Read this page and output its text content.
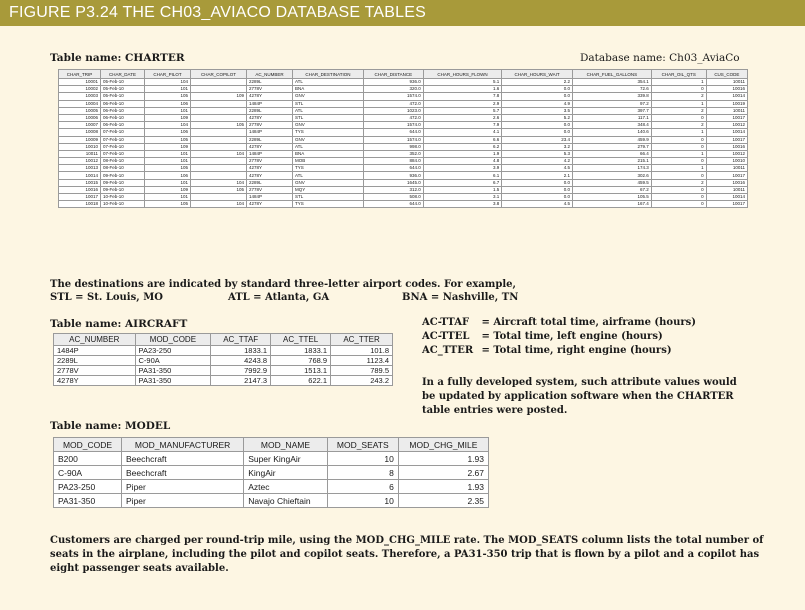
FIGURE P3.24 THE CH03_AVIACO DATABASE TABLES
Table name: CHARTER	Database name: Ch03_AviaCo
CHAR_TRIP	CHAR_DATE	CHAR_PILOT	CHAR_COPILOT	AC_NUMBER	CHAR_DESTINATION	CHAR_DISTANCE	CHAR_HOURS_FLOWN	CHAR_HOURS_WAIT	CHAR_FUEL_GALLONS	CHAR_OIL_QTS	CUS_CODE
10001	05-Feb-10	104		2289L	ATL	936.0	5.1	2.2	354.1	1	10011
10002	05-Feb-10	101		2778V	BNA	320.0	1.6	0.0	72.6	0	10016
10003	05-Feb-10	105	109	4278Y	GNV	1574.0	7.8	0.0	339.8	2	10014
10004	06-Feb-10	106		1484P	STL	472.0	2.9	4.9	97.2	1	10019
10005	06-Feb-10	101		2289L	ATL	1023.0	5.7	3.5	397.7	2	10011
10006	06-Feb-10	109		4278Y	STL	472.0	2.6	5.2	117.1	0	10017
10007	06-Feb-10	104	105	2778V	GNV	1574.0	7.9	0.0	348.4	2	10012
10008	07-Feb-10	106		1484P	TYS	644.0	4.1	0.0	140.6	1	10014
10009	07-Feb-10	105		2289L	GNV	1574.0	6.6	23.4	459.9	0	10017
10010	07-Feb-10	109		4278Y	ATL	998.0	6.2	3.2	279.7	0	10016
10011	07-Feb-10	101	104	1484P	BNA	352.0	1.9	5.3	66.4	1	10012
10012	08-Feb-10	101		2778V	MOB	884.0	4.8	4.2	215.1	0	10010
10013	08-Feb-10	105		4278Y	TYS	644.0	3.9	4.5	174.3	1	10011
10014	09-Feb-10	106		4278Y	ATL	936.0	6.1	2.1	302.6	0	10017
10015	09-Feb-10	101	104	2289L	GNV	1645.0	6.7	0.0	459.5	2	10016
10016	09-Feb-10	109	105	2778V	MQY	312.0	1.5	0.0	67.2	0	10011
10017	10-Feb-10	101		1484P	STL	508.0	3.1	0.0	105.5	0	10014
10018	10-Feb-10	105	104	4278Y	TYS	644.0	3.8	4.5	167.4	0	10017
The destinations are indicated by standard three-letter airport codes. For example,
STL = St. Louis, MO	ATL = Atlanta, GA	BNA = Nashville, TN
Table name: AIRCRAFT
AC_NUMBER	MOD_CODE	AC_TTAF	AC_TTEL	AC_TTER
1484P	PA23-250	1833.1	1833.1	101.8
2289L	C-90A	4243.8	768.9	1123.4
2778V	PA31-350	7992.9	1513.1	789.5
4278Y	PA31-350	2147.3	622.1	243.2
AC-TTAF = Aircraft total time, airframe (hours)
AC-TTEL = Total time, left engine (hours)
AC_TTER = Total time, right engine (hours)
In a fully developed system, such attribute values would be updated by application software when the CHARTER table entries were posted.
Table name: MODEL
MOD_CODE	MOD_MANUFACTURER	MOD_NAME	MOD_SEATS	MOD_CHG_MILE
B200	Beechcraft	Super KingAir	10	1.93
C-90A	Beechcraft	KingAir	8	2.67
PA23-250	Piper	Aztec	6	1.93
PA31-350	Piper	Navajo Chieftain	10	2.35
Customers are charged per round-trip mile, using the MOD_CHG_MILE rate. The MOD_SEATS column lists the total number of seats in the airplane, including the pilot and copilot seats. Therefore, a PA31-350 trip that is flown by a pilot and a copilot has eight passenger seats available.
